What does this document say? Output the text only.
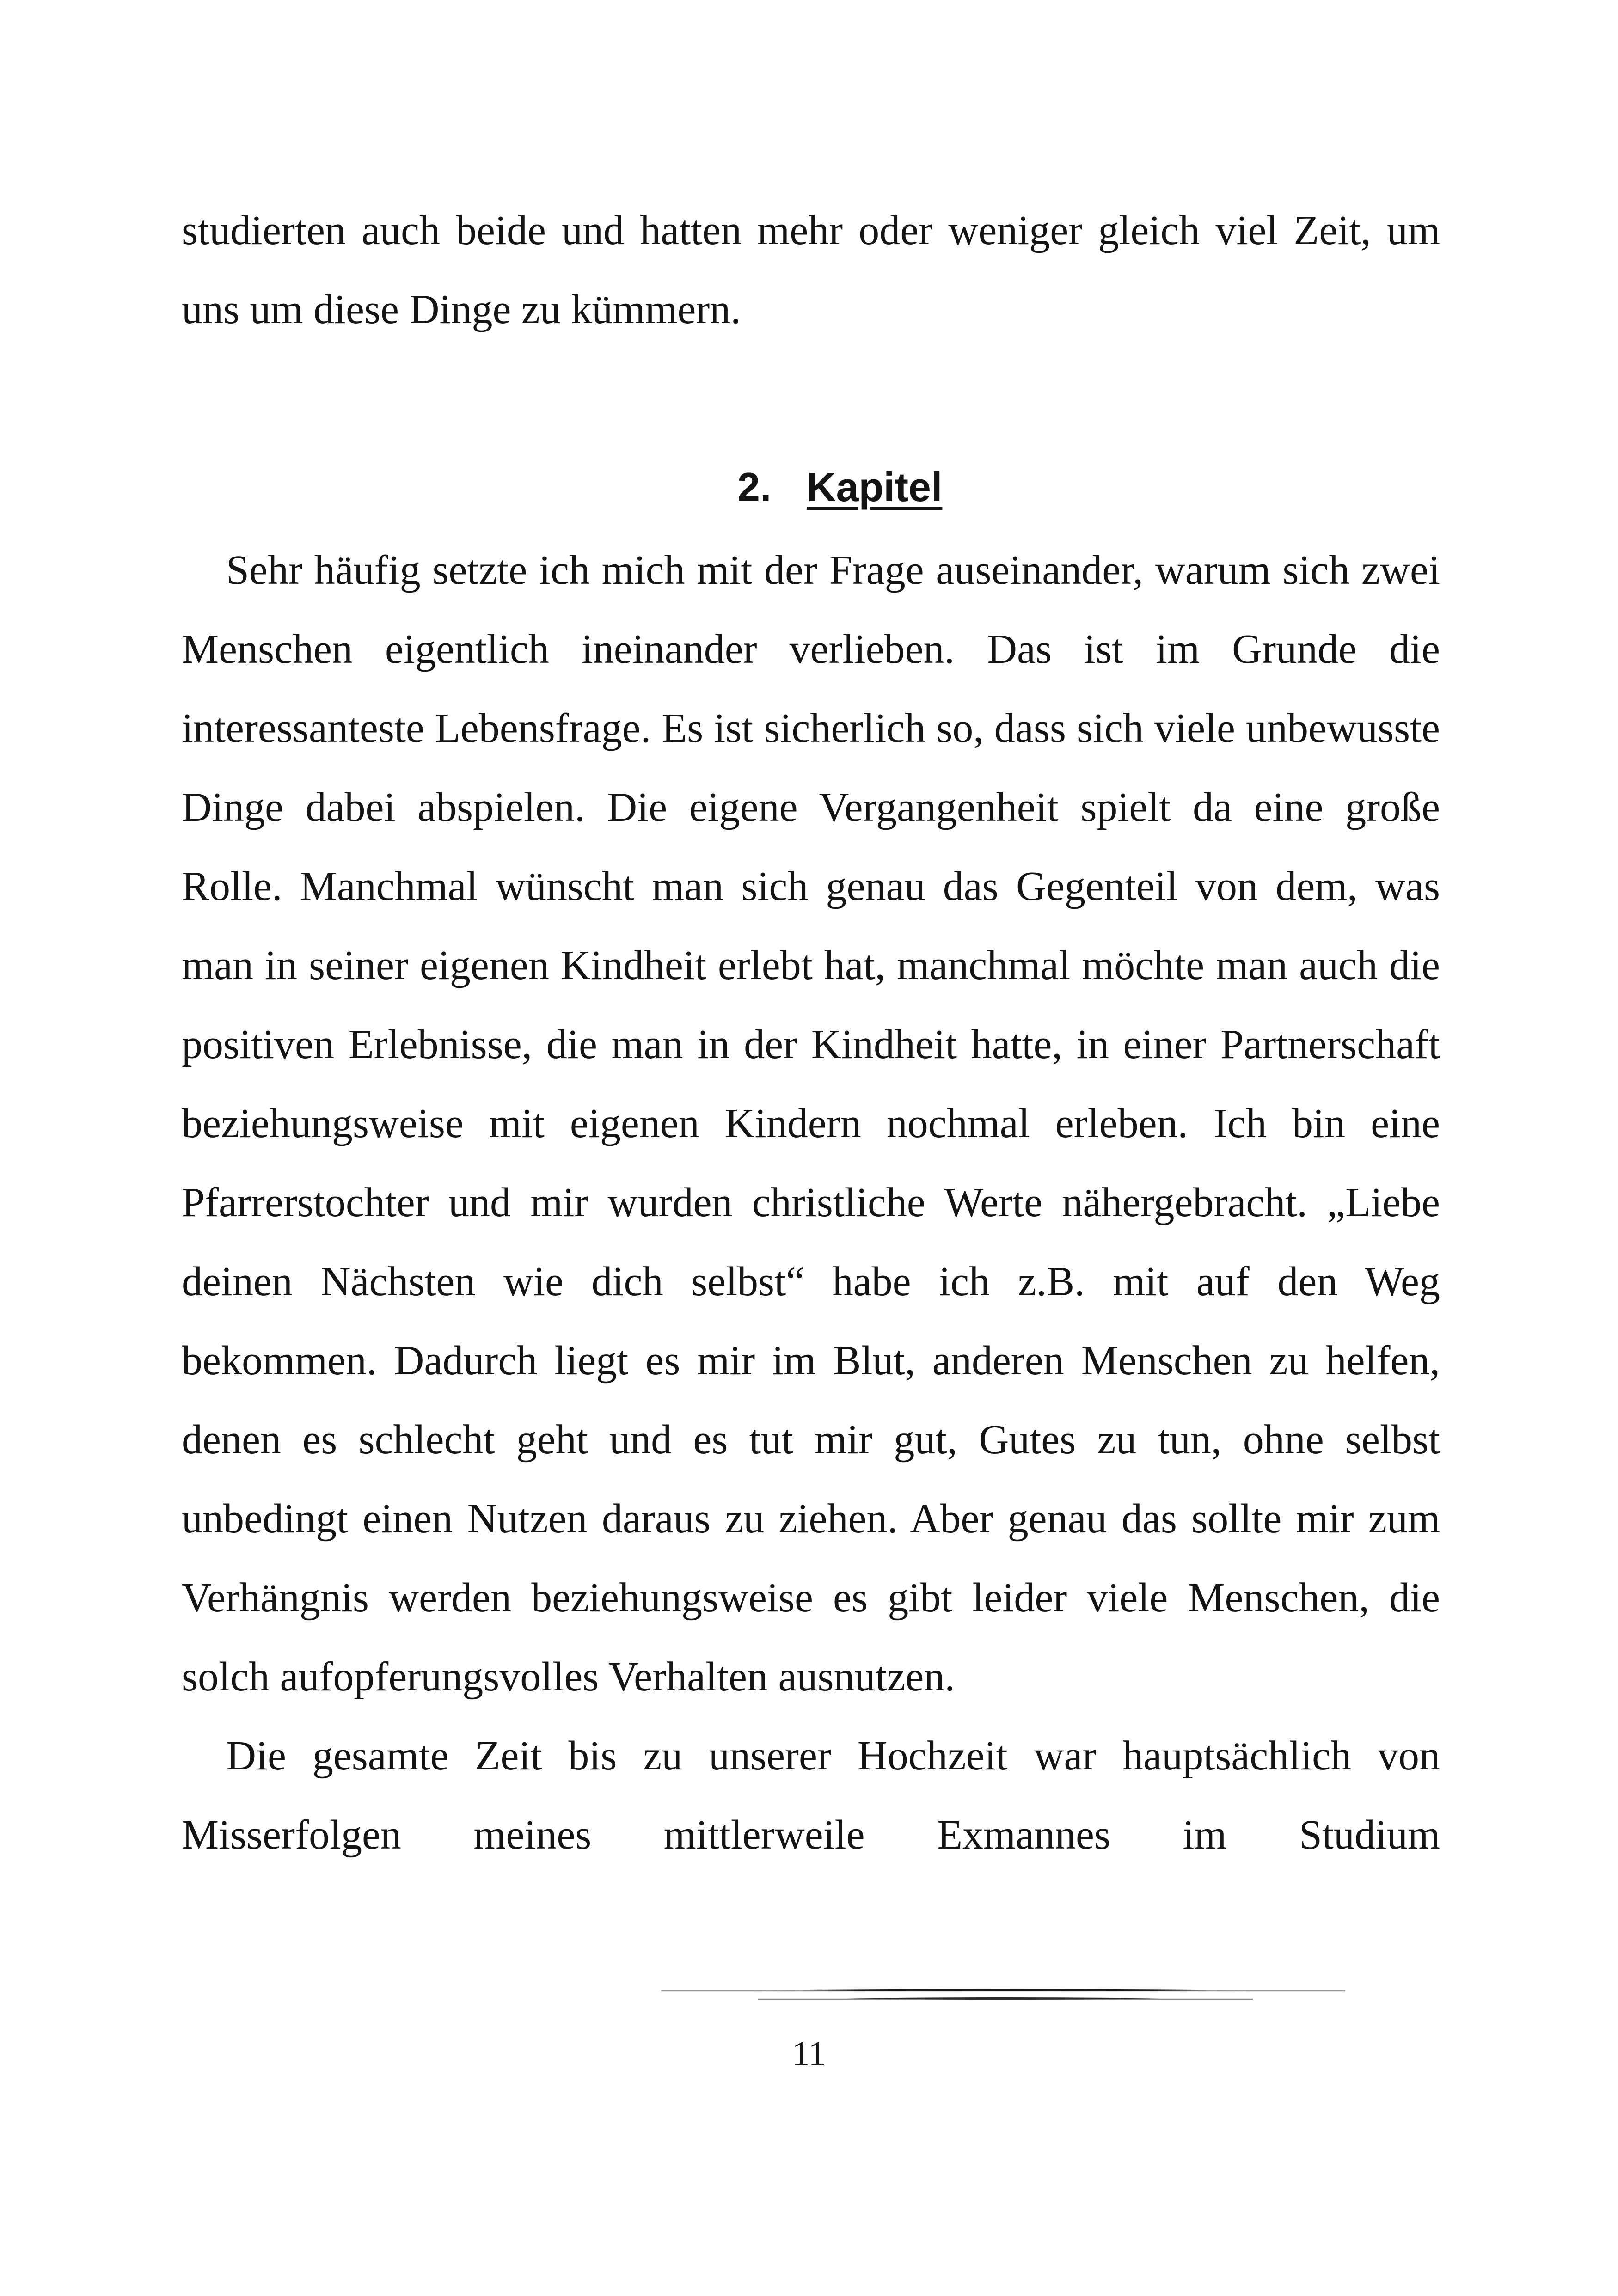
studierten auch beide und hatten mehr oder weniger gleich viel Zeit, um uns um diese Dinge zu kümmern.

2. Kapitel

Sehr häufig setzte ich mich mit der Frage auseinander, warum sich zwei Menschen eigentlich ineinander verlieben. Das ist im Grunde die interessanteste Lebensfrage. Es ist sicherlich so, dass sich viele unbewusste Dinge dabei abspielen. Die eigene Vergangenheit spielt da eine große Rolle. Manchmal wünscht man sich genau das Gegenteil von dem, was man in seiner eigenen Kindheit erlebt hat, manchmal möchte man auch die positiven Erlebnisse, die man in der Kindheit hatte, in einer Partnerschaft beziehungsweise mit eigenen Kindern nochmal erleben. Ich bin eine Pfarrerstochter und mir wurden christliche Werte nähergebracht. „Liebe deinen Nächsten wie dich selbst“ habe ich z.B. mit auf den Weg bekommen. Dadurch liegt es mir im Blut, anderen Menschen zu helfen, denen es schlecht geht und es tut mir gut, Gutes zu tun, ohne selbst unbedingt einen Nutzen daraus zu ziehen. Aber genau das sollte mir zum Verhängnis werden beziehungsweise es gibt leider viele Menschen, die solch aufopferungsvolles Verhalten ausnutzen.

Die gesamte Zeit bis zu unserer Hochzeit war hauptsächlich von Misserfolgen meines mittlerweile Exmannes im Studium

11
